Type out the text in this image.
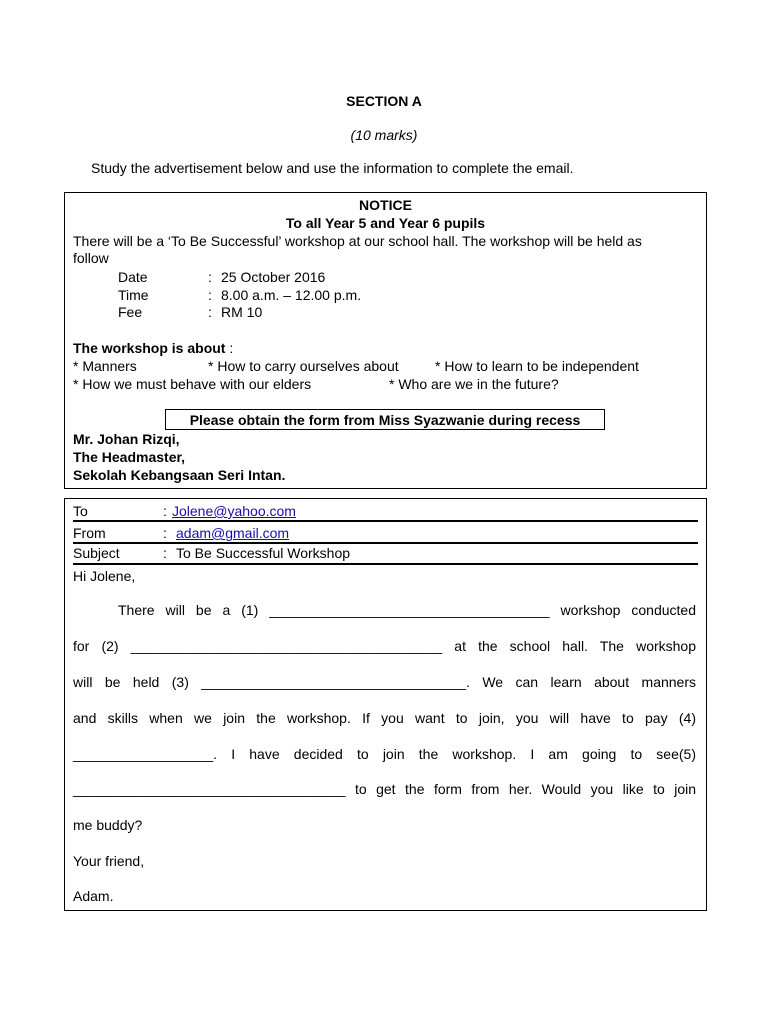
SECTION A
(10 marks)
Study the advertisement below and use the information to complete the email.
NOTICE
To all Year 5 and Year 6 pupils
There will be a ‘To Be Successful’ workshop at our school hall. The workshop will be held as
follow
Date	: 25 October 2016
Time	: 8.00 a.m. – 12.00 p.m.
Fee	: RM 10
The workshop is about :
* Manners	* How to carry ourselves about	* How to learn to be independent
* How we must behave with our elders	* Who are we in the future?
Please obtain the form from Miss Syazwanie during recess
Mr. Johan Rizqi,
The Headmaster,
Sekolah Kebangsaan Seri Intan.
To	: Jolene@yahoo.com
From	: adam@gmail.com
Subject	: To Be Successful Workshop
Hi Jolene,
There will be a (1) ____________________________________ workshop conducted
for (2) ________________________________________ at the school hall. The workshop
will be held (3) __________________________________. We can learn about manners
and skills when we join the workshop. If you want to join, you will have to pay (4)
__________________. I have decided to join the workshop. I am going to see(5)
___________________________________ to get the form from her. Would you like to join
me buddy?
Your friend,
Adam.
